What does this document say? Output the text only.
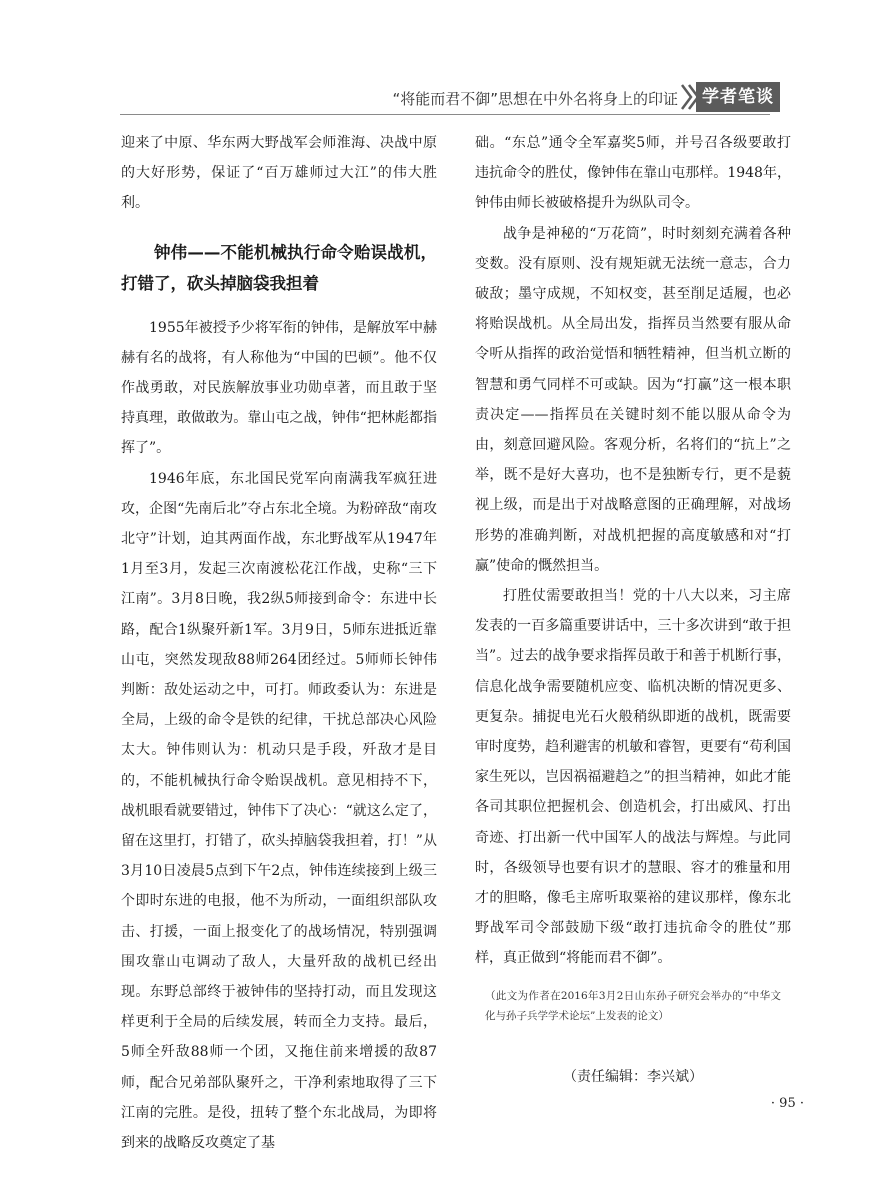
“将能而君不御”思想在中外名将身上的印证	学者笔谈

迎来了中原、华东两大野战军会师淮海、决战中原的大好形势，保证了“百万雄师过大江”的伟大胜利。

钟伟——不能机械执行命令贻误战机，打错了，砍头掉脑袋我担着

1955年被授予少将军衔的钟伟，是解放军中赫赫有名的战将，有人称他为“中国的巴顿”。他不仅作战勇敢，对民族解放事业功勋卓著，而且敢于坚持真理，敢做敢为。靠山屯之战，钟伟“把林彪都指挥了”。

1946年底，东北国民党军向南满我军疯狂进攻，企图“先南后北”夺占东北全境。为粉碎敌“南攻北守”计划，迫其两面作战，东北野战军从1947年1月至3月，发起三次南渡松花江作战，史称“三下江南”。3月8日晚，我2纵5师接到命令：东进中长路，配合1纵聚歼新1军。3月9日，5师东进抵近靠山屯，突然发现敌88师264团经过。5师师长钟伟判断：敌处运动之中，可打。师政委认为：东进是全局，上级的命令是铁的纪律，干扰总部决心风险太大。钟伟则认为：机动只是手段，歼敌才是目的，不能机械执行命令贻误战机。意见相持不下，战机眼看就要错过，钟伟下了决心：“就这么定了，留在这里打，打错了，砍头掉脑袋我担着，打！”从3月10日凌晨5点到下午2点，钟伟连续接到上级三个即时东进的电报，他不为所动，一面组织部队攻击、打援，一面上报变化了的战场情况，特别强调围攻靠山屯调动了敌人，大量歼敌的战机已经出现。东野总部终于被钟伟的坚持打动，而且发现这样更利于全局的后续发展，转而全力支持。最后，5师全歼敌88师一个团，又拖住前来增援的敌87师，配合兄弟部队聚歼之，干净利索地取得了三下江南的完胜。是役，扭转了整个东北战局，为即将到来的战略反攻奠定了基

础。“东总”通令全军嘉奖5师，并号召各级要敢打违抗命令的胜仗，像钟伟在靠山屯那样。1948年，钟伟由师长被破格提升为纵队司令。

战争是神秘的“万花筒”，时时刻刻充满着各种变数。没有原则、没有规矩就无法统一意志，合力破敌；墨守成规，不知权变，甚至削足适履，也必将贻误战机。从全局出发，指挥员当然要有服从命令听从指挥的政治觉悟和牺牲精神，但当机立断的智慧和勇气同样不可或缺。因为“打赢”这一根本职责决定——指挥员在关键时刻不能以服从命令为由，刻意回避风险。客观分析，名将们的“抗上”之举，既不是好大喜功，也不是独断专行，更不是藐视上级，而是出于对战略意图的正确理解，对战场形势的准确判断，对战机把握的高度敏感和对“打赢”使命的慨然担当。

打胜仗需要敢担当！党的十八大以来，习主席发表的一百多篇重要讲话中，三十多次讲到“敢于担当”。过去的战争要求指挥员敢于和善于机断行事，信息化战争需要随机应变、临机决断的情况更多、更复杂。捕捉电光石火般稍纵即逝的战机，既需要审时度势，趋利避害的机敏和睿智，更要有“苟利国家生死以，岂因祸福避趋之”的担当精神，如此才能各司其职位把握机会、创造机会，打出威风、打出奇迹、打出新一代中国军人的战法与辉煌。与此同时，各级领导也要有识才的慧眼、容才的雅量和用才的胆略，像毛主席听取粟裕的建议那样，像东北野战军司令部鼓励下级“敢打违抗命令的胜仗”那样，真正做到“将能而君不御”。

（此文为作者在2016年3月2日山东孙子研究会举办的“中华文化与孙子兵学学术论坛”上发表的论文）

（责任编辑：李兴斌）

· 95 ·
